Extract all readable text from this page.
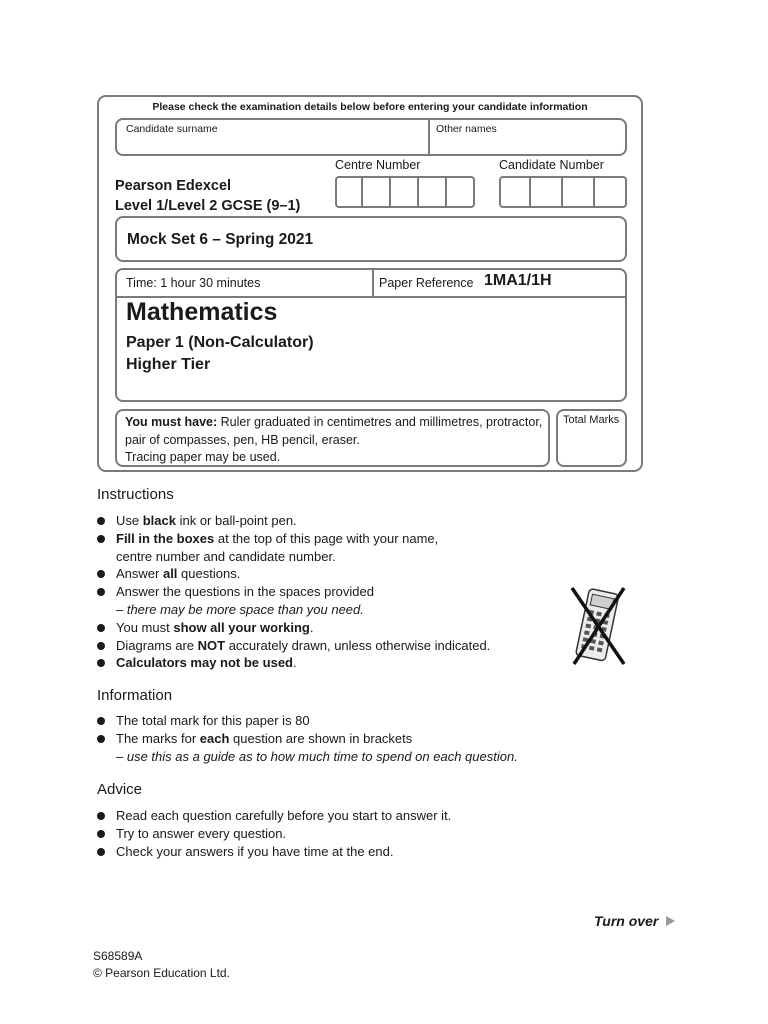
Please check the examination details below before entering your candidate information
Candidate surname	Other names
Pearson Edexcel
Level 1/Level 2 GCSE (9–1)
Centre Number	Candidate Number
Mock Set 6 – Spring 2021
Time: 1 hour 30 minutes	Paper Reference 1MA1/1H
Mathematics
Paper 1 (Non-Calculator)
Higher Tier
You must have: Ruler graduated in centimetres and millimetres, protractor, pair of compasses, pen, HB pencil, eraser.
Tracing paper may be used.
Total Marks
Instructions
Use black ink or ball-point pen.
Fill in the boxes at the top of this page with your name,
centre number and candidate number.
Answer all questions.
Answer the questions in the spaces provided
– there may be more space than you need.
You must show all your working.
Diagrams are NOT accurately drawn, unless otherwise indicated.
Calculators may not be used.
Information
The total mark for this paper is 80
The marks for each question are shown in brackets
– use this as a guide as to how much time to spend on each question.
Advice
Read each question carefully before you start to answer it.
Try to answer every question.
Check your answers if you have time at the end.
Turn over
S68589A
© Pearson Education Ltd.
